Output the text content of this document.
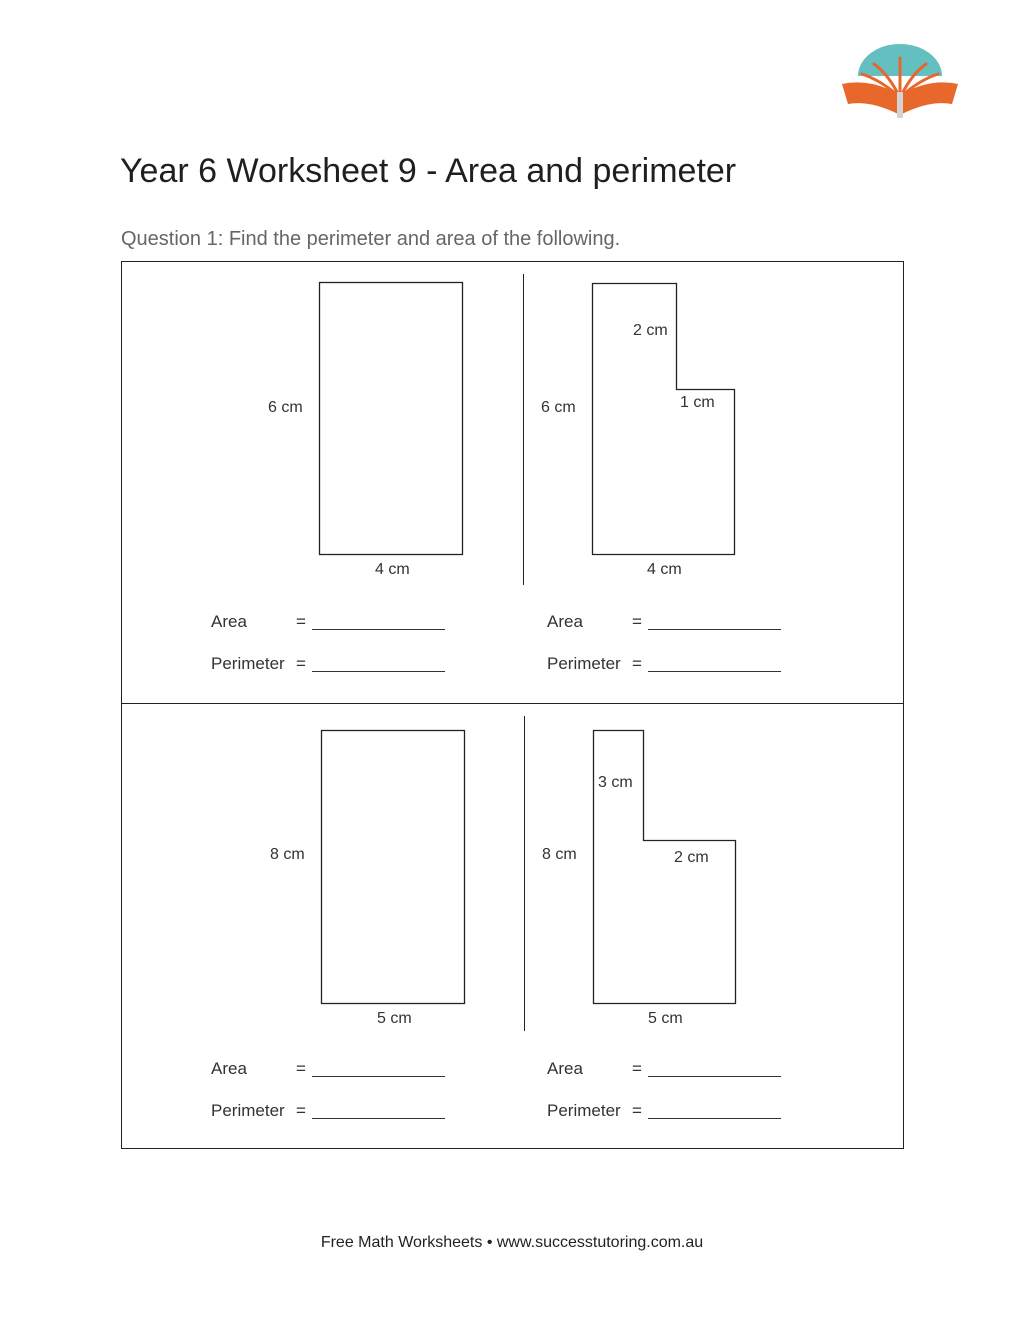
Year 6 Worksheet 9 - Area and perimeter
Question 1: Find the perimeter and area of the following.
6 cm
4 cm
Area	=
Perimeter =
2 cm
6 cm	1 cm
4 cm
Area	=
Perimeter =
8 cm
5 cm
Area	=
Perimeter =
3 cm
8 cm	2 cm
5 cm
Area	=
Perimeter =
Free Math Worksheets • www.successtutoring.com.au
